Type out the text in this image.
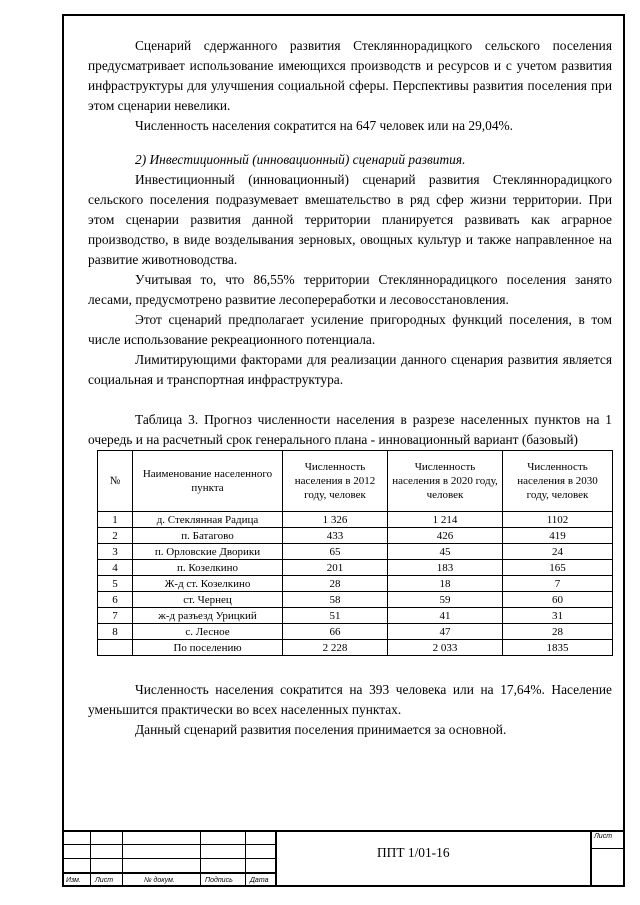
Сценарий сдержанного развития Стекляннорадицкого сельского поселения предусматривает использование имеющихся производств и ресурсов и с учетом развития инфраструктуры для улучшения социальной сферы. Перспективы развития поселения при этом сценарии невелики.

Численность населения сократится на 647 человек или на 29,04%.

2) Инвестиционный (инновационный) сценарий развития.

Инвестиционный (инновационный) сценарий развития Стекляннорадицкого сельского поселения подразумевает вмешательство в ряд сфер жизни территории. При этом сценарии развития данной территории планируется развивать как аграрное производство, в виде возделывания зерновых, овощных культур и также направленное на развитие животноводства.

Учитывая то, что 86,55% территории Стекляннорадицкого поселения занято лесами, предусмотрено развитие лесопереработки и лесовосстановления.

Этот сценарий предполагает усиление пригородных функций поселения, в том числе использование рекреационного потенциала.

Лимитирующими факторами для реализации данного сценария развития является социальная и транспортная инфраструктура.

Таблица 3. Прогноз численности населения в разрезе населенных пунктов на 1 очередь и на расчетный срок генерального плана - инновационный вариант (базовый)

№	Наименование населенного пункта	Численность населения в 2012 году, человек	Численность населения в 2020 году, человек	Численность населения в 2030 году, человек
1	д. Стеклянная Радица	1 326	1 214	1102
2	п. Батагово	433	426	419
3	п. Орловские Дворики	65	45	24
4	п. Козелкино	201	183	165
5	Ж-д ст. Козелкино	28	18	7
6	ст. Чернец	58	59	60
7	ж-д разъезд Урицкий	51	41	31
8	с. Лесное	66	47	28
	По поселению	2 228	2 033	1835

Численность населения сократится на 393 человека или на 17,64%. Население уменьшится практически во всех населенных пунктах.

Данный сценарий развития поселения принимается за основной.

Изм. Лист	№ докум.	Подпись Дата
ППТ 1/01-16
Лист
